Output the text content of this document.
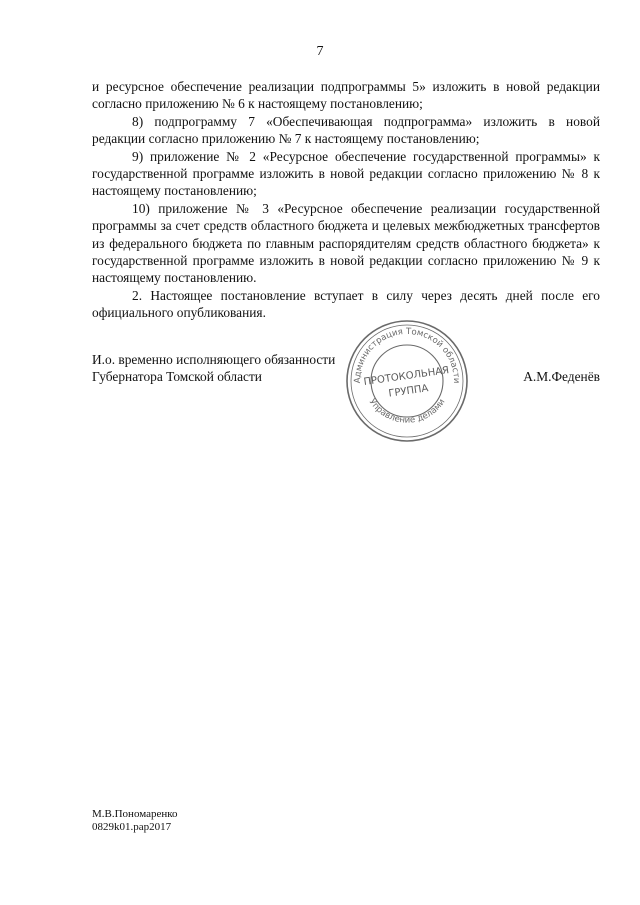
7

и ресурсное обеспечение реализации подпрограммы 5» изложить в новой редакции согласно приложению № 6 к настоящему постановлению;

8) подпрограмму 7 «Обеспечивающая подпрограмма» изложить в новой редакции согласно приложению № 7 к настоящему постановлению;

9) приложение № 2 «Ресурсное обеспечение государственной программы» к государственной программе изложить в новой редакции согласно приложению № 8 к настоящему постановлению;

10) приложение № 3 «Ресурсное обеспечение реализации государственной программы за счет средств областного бюджета и целевых межбюджетных трансфертов из федерального бюджета по главным распорядителям средств областного бюджета» к государственной программе изложить в новой редакции согласно приложению № 9 к настоящему постановлению.

2. Настоящее постановление вступает в силу через десять дней после его официального опубликования.

И.о. временно исполняющего обязанности
Губернатора Томской области	А.М.Феденёв
Администрация Томской области
Управление делами
ПРОТОКОЛЬНАЯ
ГРУППА
М.В.Пономаренко
0829k01.pap2017
